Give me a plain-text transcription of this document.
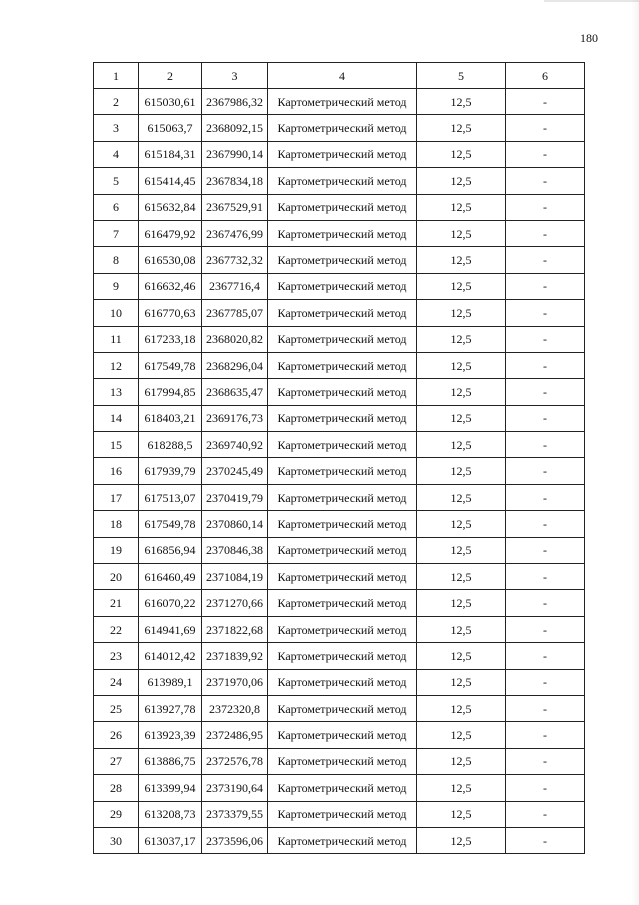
180
1	2	3	4	5	6
2	615030,61	2367986,32	Картометрический метод	12,5	-
3	615063,7	2368092,15	Картометрический метод	12,5	-
4	615184,31	2367990,14	Картометрический метод	12,5	-
5	615414,45	2367834,18	Картометрический метод	12,5	-
6	615632,84	2367529,91	Картометрический метод	12,5	-
7	616479,92	2367476,99	Картометрический метод	12,5	-
8	616530,08	2367732,32	Картометрический метод	12,5	-
9	616632,46	2367716,4	Картометрический метод	12,5	-
10	616770,63	2367785,07	Картометрический метод	12,5	-
11	617233,18	2368020,82	Картометрический метод	12,5	-
12	617549,78	2368296,04	Картометрический метод	12,5	-
13	617994,85	2368635,47	Картометрический метод	12,5	-
14	618403,21	2369176,73	Картометрический метод	12,5	-
15	618288,5	2369740,92	Картометрический метод	12,5	-
16	617939,79	2370245,49	Картометрический метод	12,5	-
17	617513,07	2370419,79	Картометрический метод	12,5	-
18	617549,78	2370860,14	Картометрический метод	12,5	-
19	616856,94	2370846,38	Картометрический метод	12,5	-
20	616460,49	2371084,19	Картометрический метод	12,5	-
21	616070,22	2371270,66	Картометрический метод	12,5	-
22	614941,69	2371822,68	Картометрический метод	12,5	-
23	614012,42	2371839,92	Картометрический метод	12,5	-
24	613989,1	2371970,06	Картометрический метод	12,5	-
25	613927,78	2372320,8	Картометрический метод	12,5	-
26	613923,39	2372486,95	Картометрический метод	12,5	-
27	613886,75	2372576,78	Картометрический метод	12,5	-
28	613399,94	2373190,64	Картометрический метод	12,5	-
29	613208,73	2373379,55	Картометрический метод	12,5	-
30	613037,17	2373596,06	Картометрический метод	12,5	-
